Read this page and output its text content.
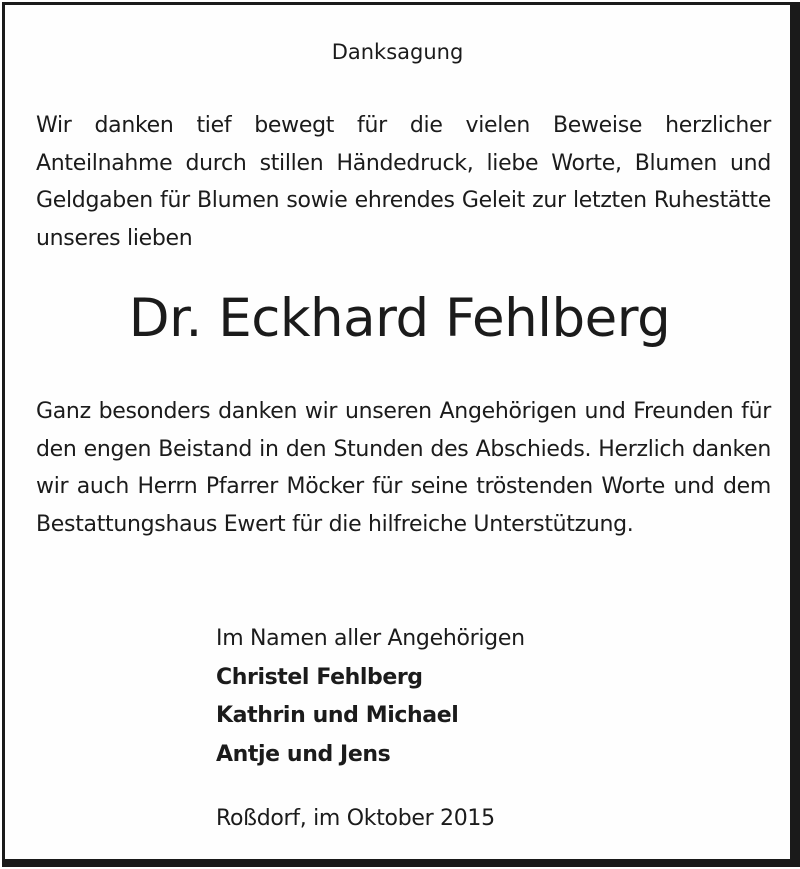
Danksagung

Wir danken tief bewegt für die vielen Beweise herzlicher Anteilnahme durch stillen Händedruck, liebe Worte, Blumen und Geldgaben für Blumen sowie ehrendes Geleit zur letzten Ruhestätte unseres lieben

Dr. Eckhard Fehlberg

Ganz besonders danken wir unseren Angehörigen und Freunden für den engen Beistand in den Stunden des Abschieds. Herzlich danken wir auch Herrn Pfarrer Möcker für seine tröstenden Worte und dem Bestattungshaus Ewert für die hilfreiche Unterstützung.

Im Namen aller Angehörigen
Christel Fehlberg
Kathrin und Michael
Antje und Jens
Roßdorf, im Oktober 2015
